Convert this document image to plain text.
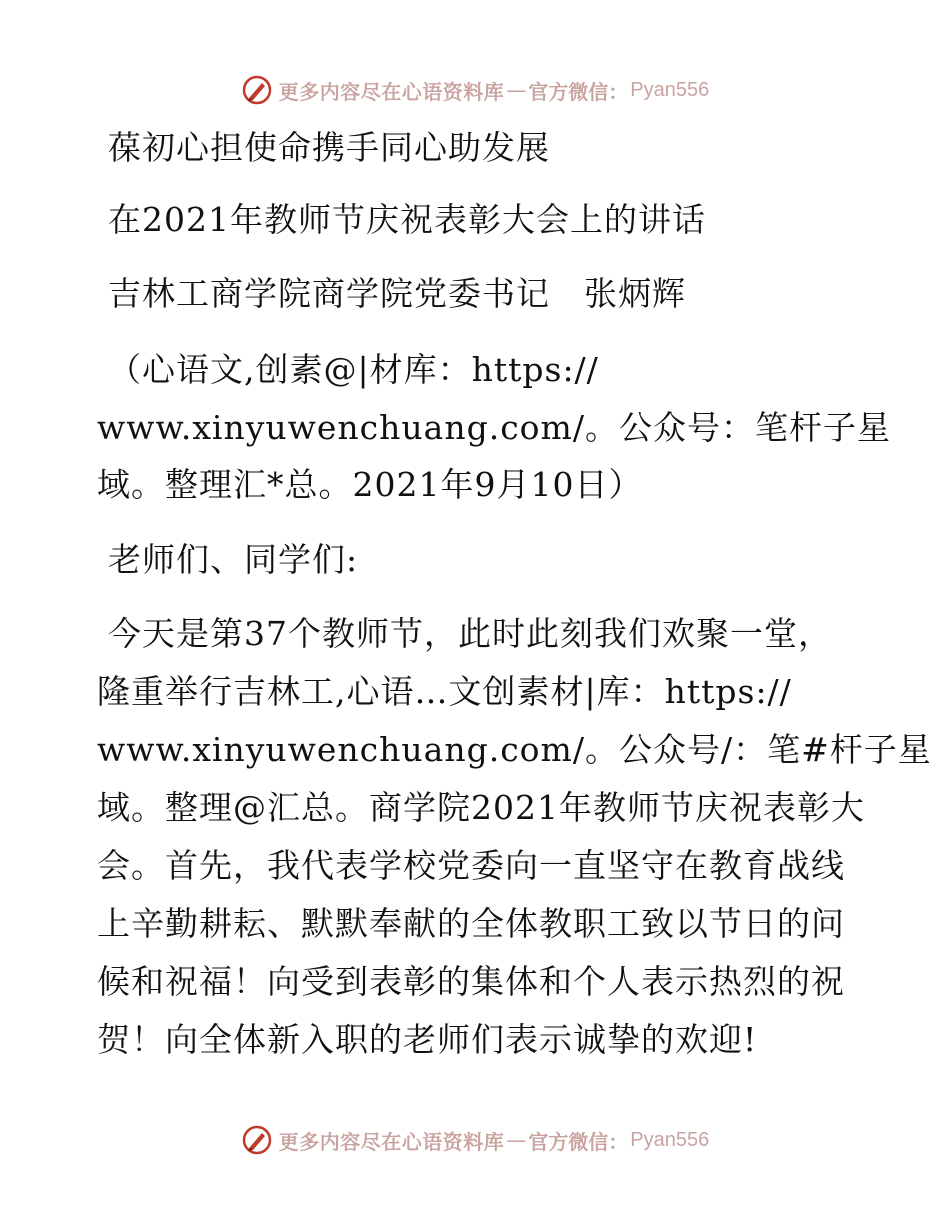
更多内容尽在心语资料库 — 官方微信： Pyan556
葆初心担使命携手同心助发展
在2021年教师节庆祝表彰大会上的讲话
吉林工商学院商学院党委书记　张炳辉
（心语文,创素@|材库：https://
www.xinyuwenchuang.com/。公众号：笔杆子星
域。整理汇*总。2021年9月10日）
老师们、同学们:
今天是第37个教师节，此时此刻我们欢聚一堂，
隆重举行吉林工,心语…文创素材|库：https://
www.xinyuwenchuang.com/。公众号/：笔#杆子星
域。整理@汇总。商学院2021年教师节庆祝表彰大
会。首先，我代表学校党委向一直坚守在教育战线
上辛勤耕耘、默默奉献的全体教职工致以节日的问
候和祝福！向受到表彰的集体和个人表示热烈的祝
贺！向全体新入职的老师们表示诚挚的欢迎!
更多内容尽在心语资料库 — 官方微信： Pyan556
